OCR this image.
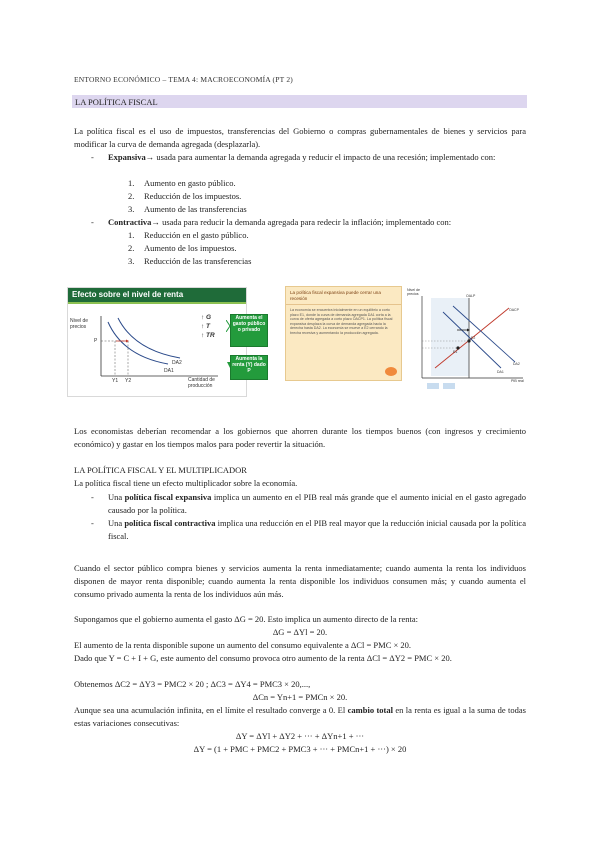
ENTORNO ECONÓMICO – TEMA 4: MACROECONOMÍA (PT 2)
LA POLÍTICA FISCAL

La política fiscal es el uso de impuestos, transferencias del Gobierno o compras gubernamentales de bienes y servicios para modificar la curva de demanda agregada (desplazarla).

- Expansiva→ usada para aumentar la demanda agregada y reducir el impacto de una recesión; implementado con:

1. Aumento en gasto público.
2. Reducción de los impuestos.
3. Aumento de las transferencias
- Contractiva→ usada para reducir la demanda agregada para redecir la inflación; implementado con:

1. Reducción en el gasto público.
2. Aumento de los impuestos.
3. Reducción de las transferencias
Efecto sobre el nivel de renta
Nivel de precios
P
Y1 Y2
DA2
DA1
Cantidad de producción
↑ G
↑ T
↑ TR
Aumenta el gasto público o privado
Aumenta la renta (Y) dado P
La política fiscal expansiva puede cerrar una recesión
La economía se encuentra inicialmente en un equilibrio a corto plazo E1, donde la curva de demanda agregada DA1 corta a la curva de oferta agregada a corto plazo OACP1. La política fiscal expansiva desplaza la curva de demanda agregada hacia la derecha hasta DA2. La economía se mueve a E2 cerrando la brecha recesiva y aumentando la producción agregada.
Nivel de precios
PIB real
OALP
OACP
DA1
DA2
E1
E2

Los economistas deberían recomendar a los gobiernos que ahorren durante los tiempos buenos (con ingresos y crecimiento económico) y gastar en los tiempos malos para poder revertir la situación.

LA POLÍTICA FISCAL Y EL MULTIPLICADOR

La política fiscal tiene un efecto multiplicador sobre la economía.

- Una política fiscal expansiva implica un aumento en el PIB real más grande que el aumento inicial en el gasto agregado causado por la política.

- Una política fiscal contractiva implica una reducción en el PIB real mayor que la reducción inicial causada por la política fiscal.

Cuando el sector público compra bienes y servicios aumenta la renta inmediatamente; cuando aumenta la renta los individuos disponen de mayor renta disponible; cuando aumenta la renta disponible los individuos consumen más; y cuando aumenta el consumo privado aumenta la renta de los individuos aún más.

Supongamos que el gobierno aumenta el gasto ΔG = 20. Esto implica un aumento directo de la renta:

ΔG = ΔYl = 20.

El aumento de la renta disponible supone un aumento del consumo equivalente a ΔCl = PMC × 20.

Dado que Y = C + I + G, este aumento del consumo provoca otro aumento de la renta ΔCl = ΔY2 = PMC × 20.

Obtenemos ΔC2 = ΔY3 = PMC2 × 20 ; ΔC3 = ΔY4 = PMC3 × 20,...,

ΔCn = Yn+1 = PMCn × 20.

Aunque sea una acumulación infinita, en el límite el resultado converge a 0. El cambio total en la renta es igual a la suma de todas estas variaciones consecutivas:

ΔY = ΔYl + ΔY2 + ··· + ΔYn+1 + ···

ΔY = (1 + PMC + PMC2 + PMC3 + ··· + PMCn+1 + ···) × 20
